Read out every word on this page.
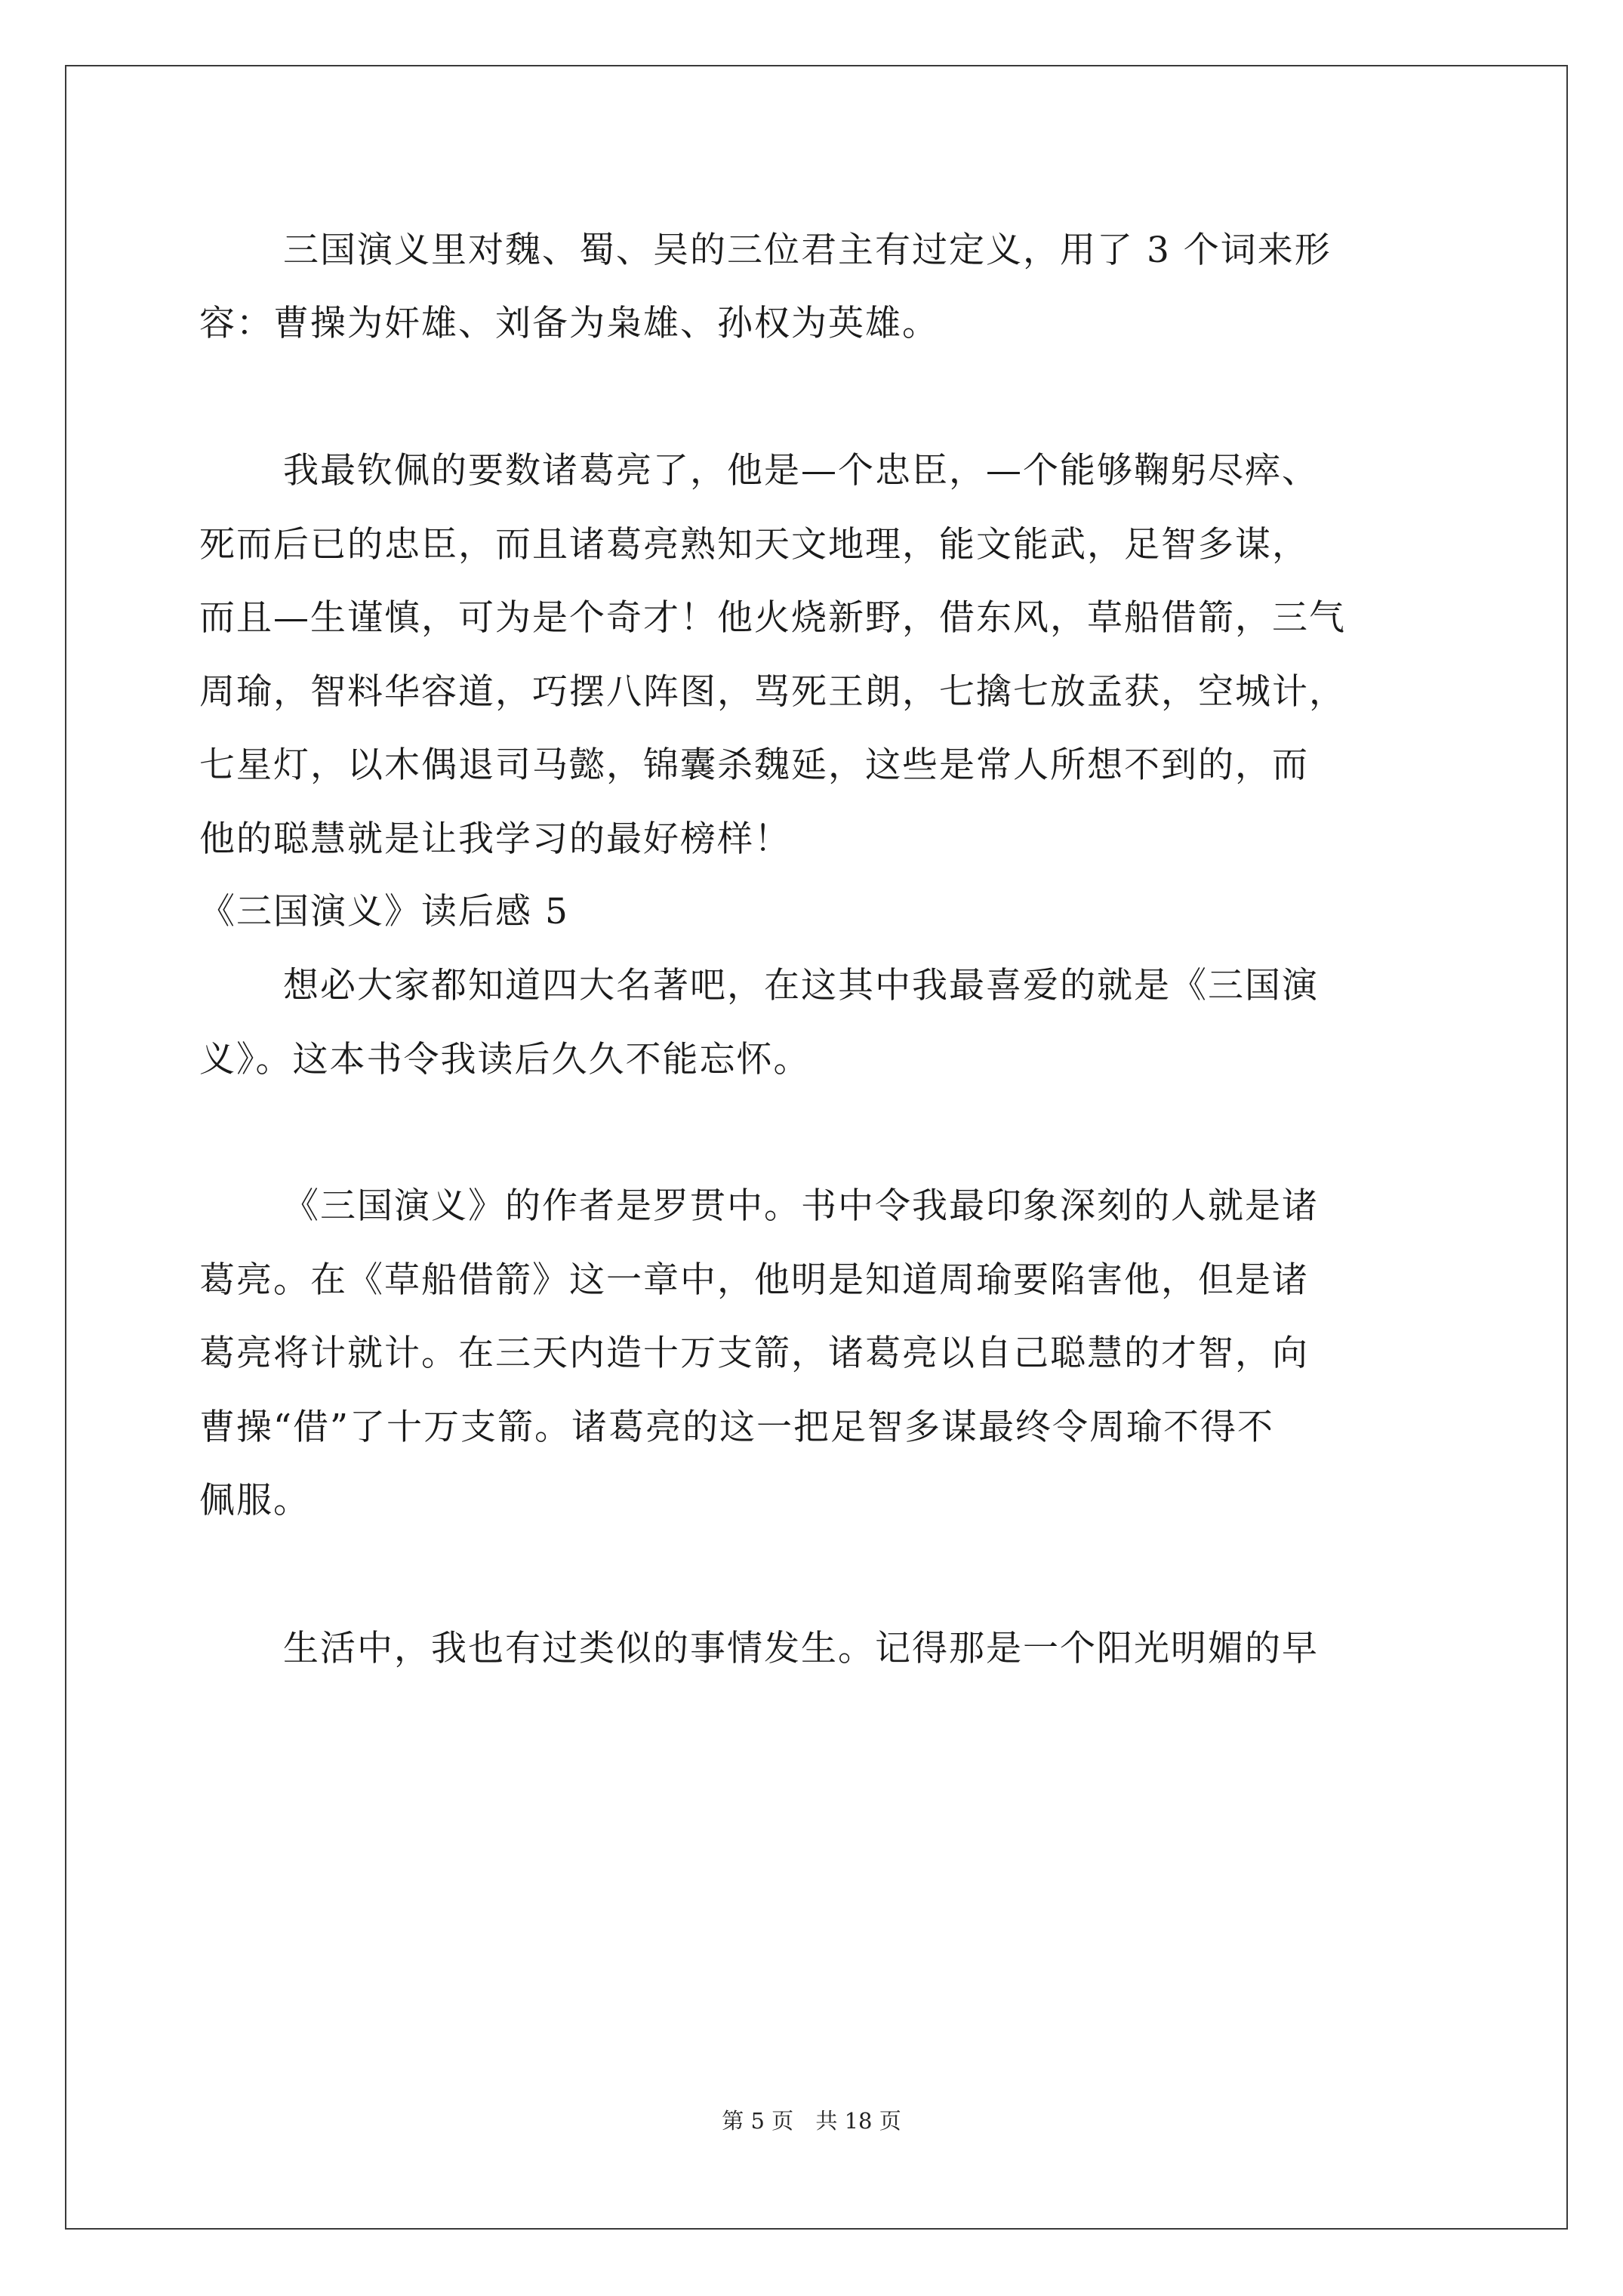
三国演义里对魏、蜀、吴的三位君主有过定义，用了 3 个词来形
容：曹操为奸雄、刘备为枭雄、孙权为英雄。
我最钦佩的要数诸葛亮了，他是—个忠臣，—个能够鞠躬尽瘁、
死而后已的忠臣，而且诸葛亮熟知天文地理，能文能武，足智多谋，
而且—生谨慎，可为是个奇才！他火烧新野，借东风，草船借箭，三气
周瑜，智料华容道，巧摆八阵图，骂死王朗，七擒七放孟获，空城计，
七星灯，以木偶退司马懿，锦囊杀魏延，这些是常人所想不到的，而
他的聪慧就是让我学习的最好榜样！
《三国演义》读后感 5
想必大家都知道四大名著吧，在这其中我最喜爱的就是《三国演
义》。这本书令我读后久久不能忘怀。
《三国演义》的作者是罗贯中。书中令我最印象深刻的人就是诸
葛亮。在《草船借箭》这一章中，他明是知道周瑜要陷害他，但是诸
葛亮将计就计。在三天内造十万支箭，诸葛亮以自己聪慧的才智，向
曹操“借”了十万支箭。诸葛亮的这一把足智多谋最终令周瑜不得不
佩服。
生活中，我也有过类似的事情发生。记得那是一个阳光明媚的早
第 5 页 共 18 页
